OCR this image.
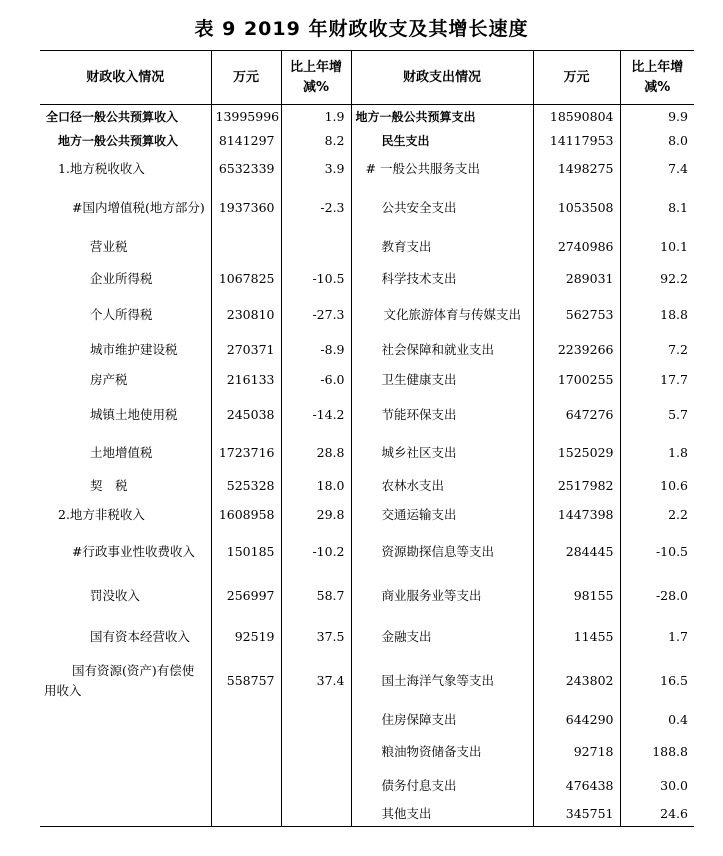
表 9 2019 年财政收支及其增长速度
财政收入情况	万元	比上年增减%	财政支出情况	万元	比上年增减%
全口径一般公共预算收入	13995996	1.9	地方一般公共预算支出	18590804	9.9
地方一般公共预算收入	8141297	8.2	民生支出	14117953	8.0
1.地方税收收入	6532339	3.9	# 一般公共服务支出	1498275	7.4
#国内增值税(地方部分)	1937360	-2.3	公共安全支出	1053508	8.1
营业税			教育支出	2740986	10.1
企业所得税	1067825	-10.5	科学技术支出	289031	92.2
个人所得税	230810	-27.3	文化旅游体育与传媒支出	562753	18.8
城市维护建设税	270371	-8.9	社会保障和就业支出	2239266	7.2
房产税	216133	-6.0	卫生健康支出	1700255	17.7
城镇土地使用税	245038	-14.2	节能环保支出	647276	5.7
土地增值税	1723716	28.8	城乡社区支出	1525029	1.8
契　税	525328	18.0	农林水支出	2517982	10.6
2.地方非税收入	1608958	29.8	交通运输支出	1447398	2.2
#行政事业性收费收入	150185	-10.2	资源勘探信息等支出	284445	-10.5
罚没收入	256997	58.7	商业服务业等支出	98155	-28.0
国有资本经营收入	92519	37.5	金融支出	11455	1.7
国有资源(资产)有偿使用收入	558757	37.4	国土海洋气象等支出	243802	16.5
			住房保障支出	644290	0.4
			粮油物资储备支出	92718	188.8
			债务付息支出	476438	30.0
			其他支出	345751	24.6
